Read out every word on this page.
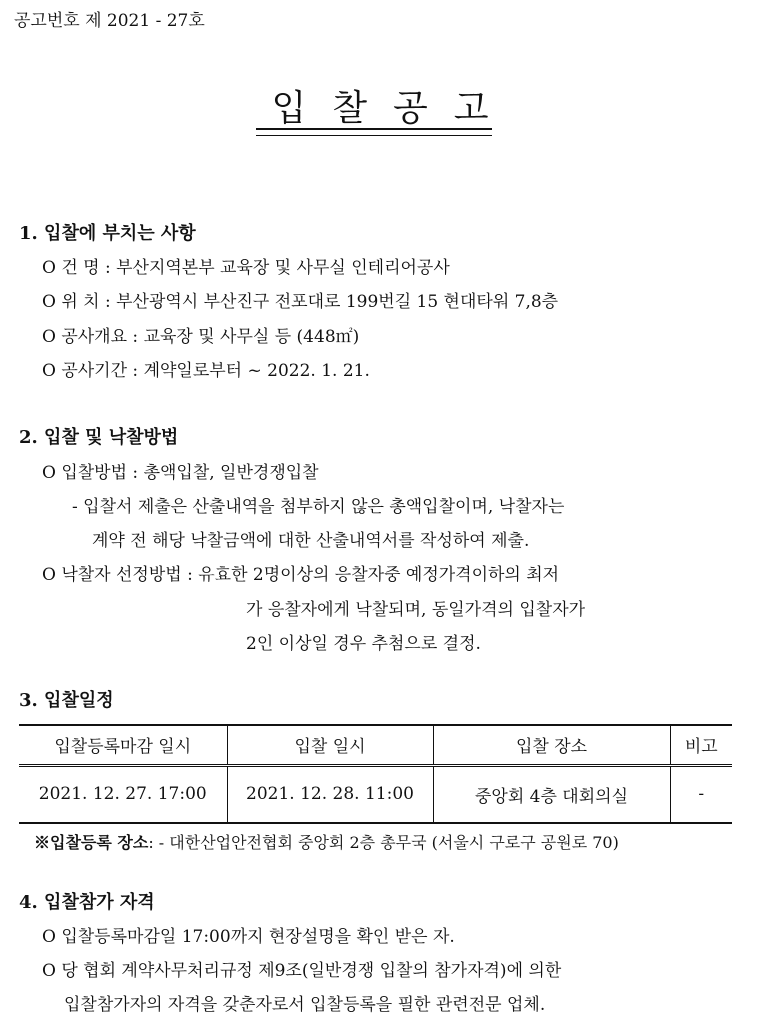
공고번호 제 2021 - 27호
입찰공고
1. 입찰에 부치는 사항
O 건 명 : 부산지역본부 교육장 및 사무실 인테리어공사
O 위 치 : 부산광역시 부산진구 전포대로 199번길 15 현대타워 7,8층
O 공사개요 : 교육장 및 사무실 등 (448㎡)
O 공사기간 : 계약일로부터 ~ 2022. 1. 21.
2. 입찰 및 낙찰방법
O 입찰방법 : 총액입찰, 일반경쟁입찰
- 입찰서 제출은 산출내역을 첨부하지 않은 총액입찰이며, 낙찰자는
계약 전 해당 낙찰금액에 대한 산출내역서를 작성하여 제출.
O 낙찰자 선정방법 : 유효한 2명이상의 응찰자중 예정가격이하의 최저
가 응찰자에게 낙찰되며, 동일가격의 입찰자가
2인 이상일 경우 추첨으로 결정.
3. 입찰일정
입찰등록마감 일시	입찰 일시	입찰 장소	비고
2021. 12. 27. 17:00	2021. 12. 28. 11:00	중앙회 4층 대회의실	-
※입찰등록 장소: - 대한산업안전협회 중앙회 2층 총무국 (서울시 구로구 공원로 70)
4. 입찰참가 자격
O 입찰등록마감일 17:00까지 현장설명을 확인 받은 자.
O 당 협회 계약사무처리규정 제9조(일반경쟁 입찰의 참가자격)에 의한
입찰참가자의 자격을 갖춘자로서 입찰등록을 필한 관련전문 업체.
